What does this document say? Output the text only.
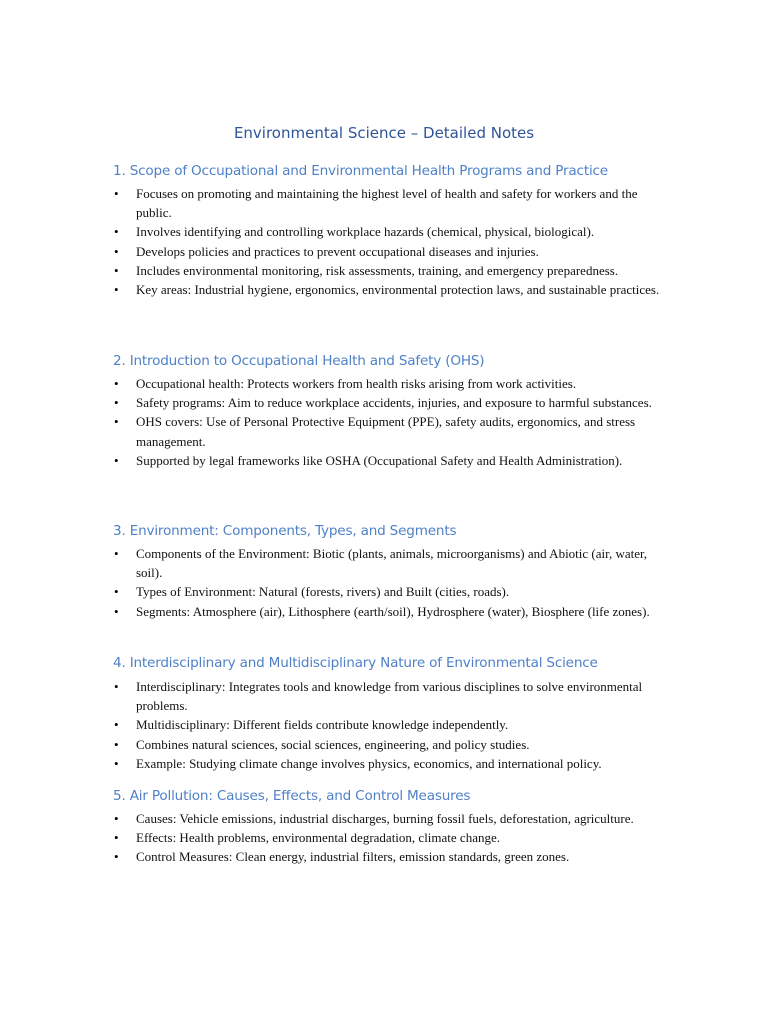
Environmental Science – Detailed Notes
1. Scope of Occupational and Environmental Health Programs and Practice
• Focuses on promoting and maintaining the highest level of health and safety for workers and the public.
• Involves identifying and controlling workplace hazards (chemical, physical, biological).
• Develops policies and practices to prevent occupational diseases and injuries.
• Includes environmental monitoring, risk assessments, training, and emergency preparedness.
• Key areas: Industrial hygiene, ergonomics, environmental protection laws, and sustainable practices.
2. Introduction to Occupational Health and Safety (OHS)
• Occupational health: Protects workers from health risks arising from work activities.
• Safety programs: Aim to reduce workplace accidents, injuries, and exposure to harmful substances.
• OHS covers: Use of Personal Protective Equipment (PPE), safety audits, ergonomics, and stress management.
• Supported by legal frameworks like OSHA (Occupational Safety and Health Administration).
3. Environment: Components, Types, and Segments
• Components of the Environment: Biotic (plants, animals, microorganisms) and Abiotic (air, water, soil).
• Types of Environment: Natural (forests, rivers) and Built (cities, roads).
• Segments: Atmosphere (air), Lithosphere (earth/soil), Hydrosphere (water), Biosphere (life zones).
4. Interdisciplinary and Multidisciplinary Nature of Environmental Science
• Interdisciplinary: Integrates tools and knowledge from various disciplines to solve environmental problems.
• Multidisciplinary: Different fields contribute knowledge independently.
• Combines natural sciences, social sciences, engineering, and policy studies.
• Example: Studying climate change involves physics, economics, and international policy.
5. Air Pollution: Causes, Effects, and Control Measures
• Causes: Vehicle emissions, industrial discharges, burning fossil fuels, deforestation, agriculture.
• Effects: Health problems, environmental degradation, climate change.
• Control Measures: Clean energy, industrial filters, emission standards, green zones.
